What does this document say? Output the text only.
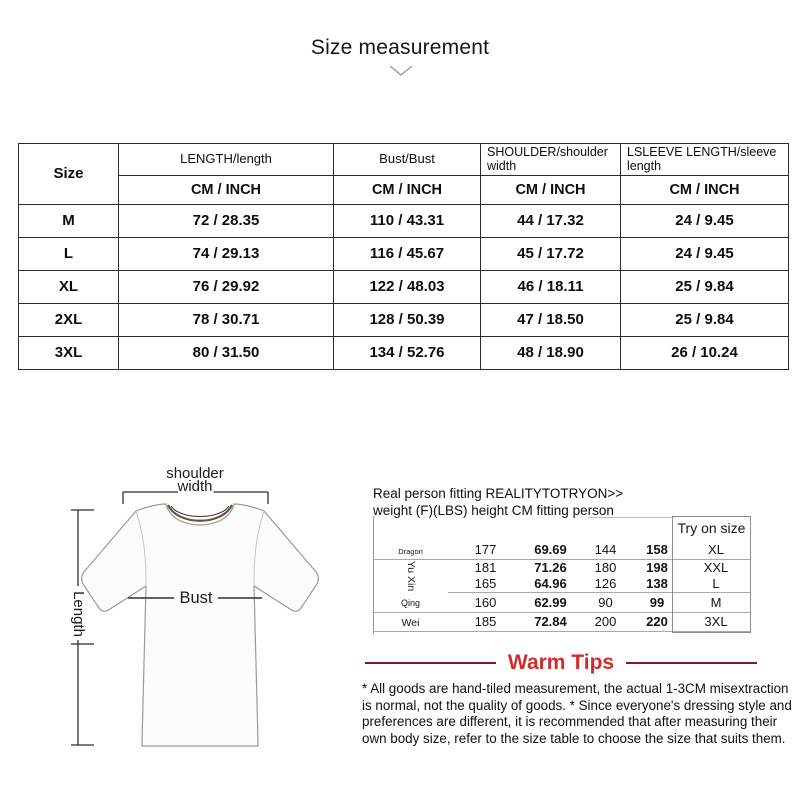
Size measurement
Size	LENGTH/length	Bust/Bust	SHOULDER/shoulder width	LSLEEVE LENGTH/sleeve length
	CM / INCH	CM / INCH	CM / INCH	CM / INCH
M	72 / 28.35	110 / 43.31	44 / 17.32	24 / 9.45
L	74 / 29.13	116 / 45.67	45 / 17.72	24 / 9.45
XL	76 / 29.92	122 / 48.03	46 / 18.11	25 / 9.84
2XL	78 / 30.71	128 / 50.39	47 / 18.50	25 / 9.84
3XL	80 / 31.50	134 / 52.76	48 / 18.90	26 / 10.24
shoulder
width
Length	Bust
Real person fitting REALITYTOTRYON>>
weight (F)(LBS) height CM fitting person
Try on size
Dragon	177	69.69	144	158	XL

Yu Xin	181	71.26	180	198	XXL
	165	64.96	126	138	L
Qing	160	62.99	90	99	M
Wei	185	72.84	200	220	3XL
Warm Tips
* All goods are hand-tiled measurement, the actual 1-3CM misextraction is normal, not the quality of goods. * Since everyone's dressing style and preferences are different, it is recommended that after measuring their own body size, refer to the size table to choose the size that suits them.
